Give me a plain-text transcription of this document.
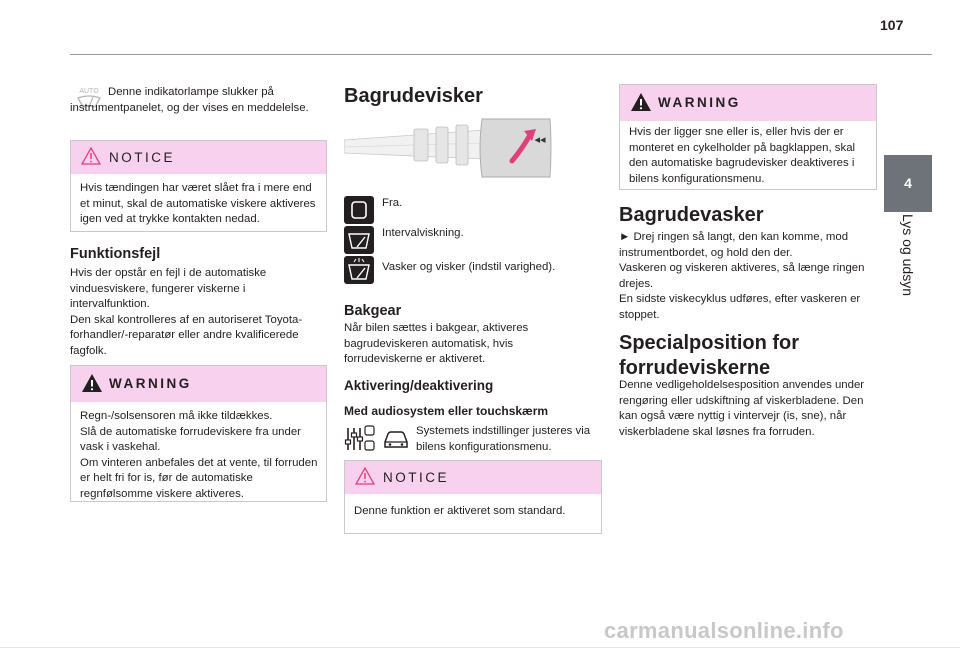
107
4
Lys og udsyn
AUTO Denne indikatorlampe slukker på instrumentpanelet, og der vises en meddelelse.
NOTICE
Hvis tændingen har været slået fra i mere end et minut, skal de automatiske viskere aktiveres igen ved at trykke kontakten nedad.
Funktionsfejl
Hvis der opstår en fejl i de automatiske vinduesviskere, fungerer viskerne i intervalfunktion.
Den skal kontrolleres af en autoriseret Toyota-forhandler/-reparatør eller andre kvalificerede fagfolk.
WARNING
Regn-/solsensoren må ikke tildækkes.
Slå de automatiske forrudeviskere fra under vask i vaskehal.
Om vinteren anbefales det at vente, til forruden er helt fri for is, før de automatiske regnfølsomme viskere aktiveres.
Bagrudevisker
◂◂
Fra.
Intervalviskning.
Vasker og visker (indstil varighed).
Bakgear
Når bilen sættes i bakgear, aktiveres bagrudeviskeren automatisk, hvis forrudeviskerne er aktiveret.
Aktivering/deaktivering
Med audiosystem eller touchskærm
Systemets indstillinger justeres via bilens konfigurationsmenu.
NOTICE
Denne funktion er aktiveret som standard.
WARNING
Hvis der ligger sne eller is, eller hvis der er monteret en cykelholder på bagklappen, skal den automatiske bagrudevisker deaktiveres i bilens konfigurationsmenu.
Bagrudevasker
► Drej ringen så langt, den kan komme, mod instrumentbordet, og hold den der.
Vaskeren og viskeren aktiveres, så længe ringen drejes.
En sidste viskecyklus udføres, efter vaskeren er stoppet.
Specialposition for forrudeviskerne
Denne vedligeholdelsesposition anvendes under rengøring eller udskiftning af viskerbladene. Den kan også være nyttig i vintervejr (is, sne), når viskerbladene skal løsnes fra forruden.
carmanualsonline.info
